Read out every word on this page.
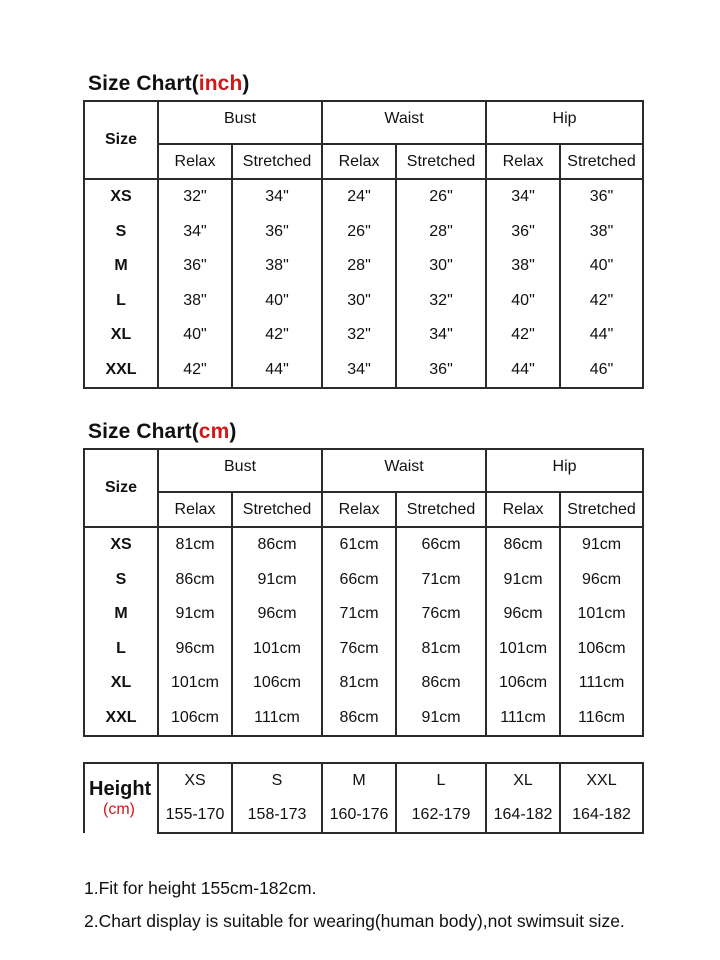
Size Chart(inch)
Size	Bust		Waist		Hip	
	Relax	Stretched	Relax	Stretched	Relax	Stretched
XS	32"	34"	24"	26"	34"	36"
S	34"	36"	26"	28"	36"	38"
M	36"	38"	28"	30"	38"	40"
L	38"	40"	30"	32"	40"	42"
XL	40"	42"	32"	34"	42"	44"
XXL	42"	44"	34"	36"	44"	46"
Size Chart(cm)
Size	Bust		Waist		Hip	
	Relax	Stretched	Relax	Stretched	Relax	Stretched
XS	81cm	86cm	61cm	66cm	86cm	91cm
S	86cm	91cm	66cm	71cm	91cm	96cm
M	91cm	96cm	71cm	76cm	96cm	101cm
L	96cm	101cm	76cm	81cm	101cm	106cm
XL	101cm	106cm	81cm	86cm	106cm	111cm
XXL	106cm	111cm	86cm	91cm	111cm	116cm
Height
(cm)	XS	S	M	L	XL	XXL
	155-170	158-173	160-176	162-179	164-182	164-182
1.Fit for height 155cm-182cm.
2.Chart display is suitable for wearing(human body),not swimsuit size.
